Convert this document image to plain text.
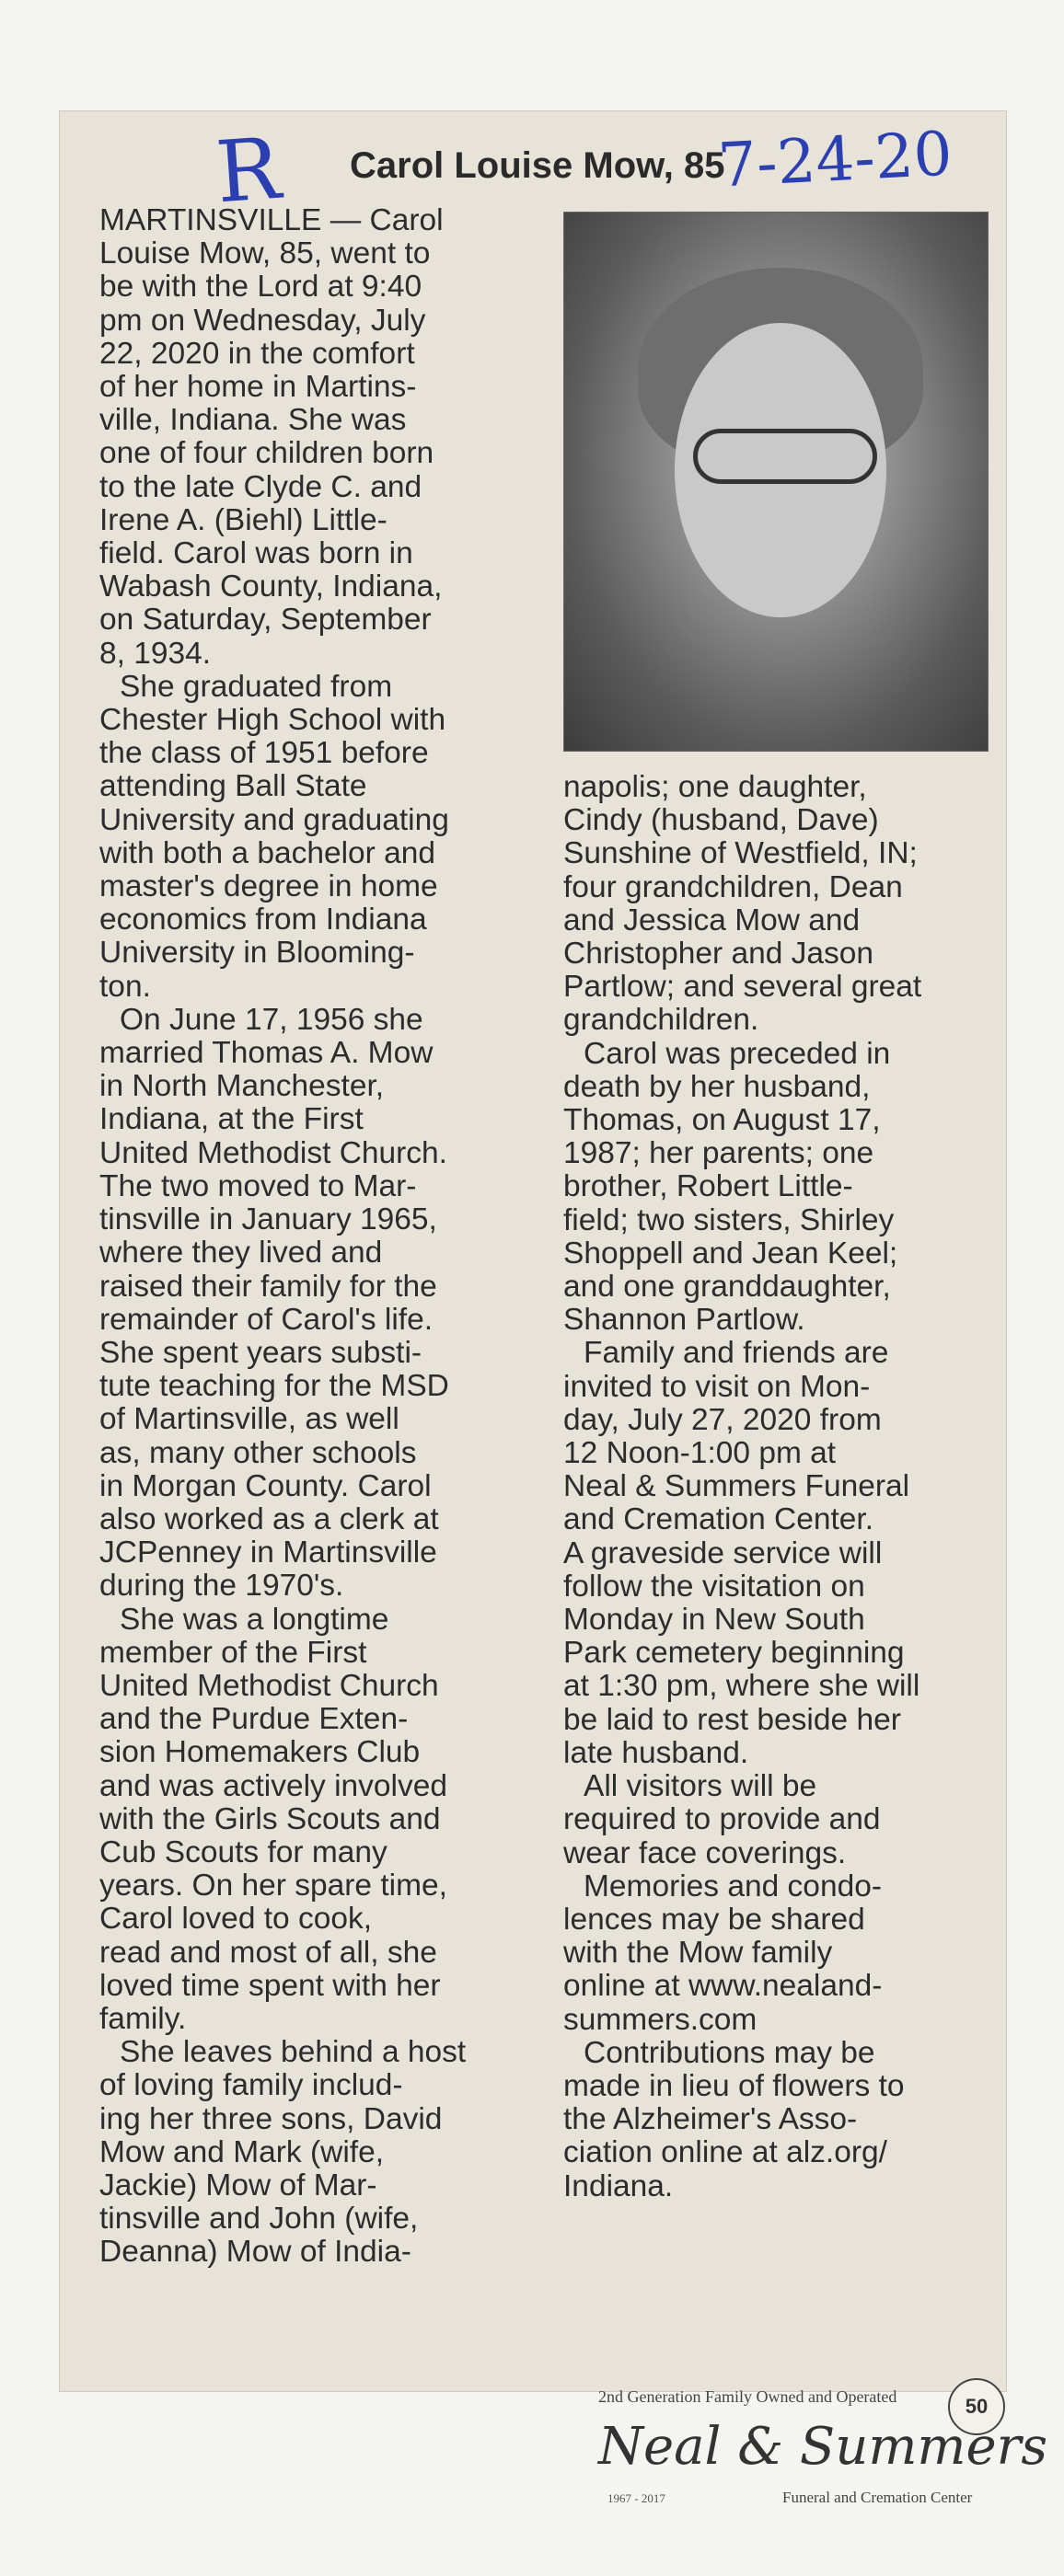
R Carol Louise Mow, 85
7-24-20
MARTINSVILLE — Carol
Louise Mow, 85, went to
be with the Lord at 9:40
pm on Wednesday, July
22, 2020 in the comfort
of her home in Martins-
ville, Indiana. She was
one of four children born
to the late Clyde C. and
Irene A. (Biehl) Little-
field. Carol was born in
Wabash County, Indiana,
on Saturday, September
8, 1934.
She graduated from
Chester High School with
the class of 1951 before
attending Ball State
University and graduating
with both a bachelor and
master's degree in home
economics from Indiana
University in Blooming-
ton.
On June 17, 1956 she
married Thomas A. Mow
in North Manchester,
Indiana, at the First
United Methodist Church.
The two moved to Mar-
tinsville in January 1965,
where they lived and
raised their family for the
remainder of Carol's life.
She spent years substi-
tute teaching for the MSD
of Martinsville, as well
as, many other schools
in Morgan County. Carol
also worked as a clerk at
JCPenney in Martinsville
during the 1970's.
She was a longtime
member of the First
United Methodist Church
and the Purdue Exten-
sion Homemakers Club
and was actively involved
with the Girls Scouts and
Cub Scouts for many
years. On her spare time,
Carol loved to cook,
read and most of all, she
loved time spent with her
family.
She leaves behind a host
of loving family includ-
ing her three sons, David
Mow and Mark (wife,
Jackie) Mow of Mar-
tinsville and John (wife,
Deanna) Mow of India-
napolis; one daughter,
Cindy (husband, Dave)
Sunshine of Westfield, IN;
four grandchildren, Dean
and Jessica Mow and
Christopher and Jason
Partlow; and several great
grandchildren.
Carol was preceded in
death by her husband,
Thomas, on August 17,
1987; her parents; one
brother, Robert Little-
field; two sisters, Shirley
Shoppell and Jean Keel;
and one granddaughter,
Shannon Partlow.
Family and friends are
invited to visit on Mon-
day, July 27, 2020 from
12 Noon-1:00 pm at
Neal & Summers Funeral
and Cremation Center.
A graveside service will
follow the visitation on
Monday in New South
Park cemetery beginning
at 1:30 pm, where she will
be laid to rest beside her
late husband.
All visitors will be
required to provide and
wear face coverings.
Memories and condo-
lences may be shared
with the Mow family
online at www.nealand-
summers.com
Contributions may be
made in lieu of flowers to
the Alzheimer's Asso-
ciation online at alz.org/
Indiana.
2nd Generation Family Owned and Operated	50
Neal & Summers
1967 - 2017	Funeral and Cremation Center
